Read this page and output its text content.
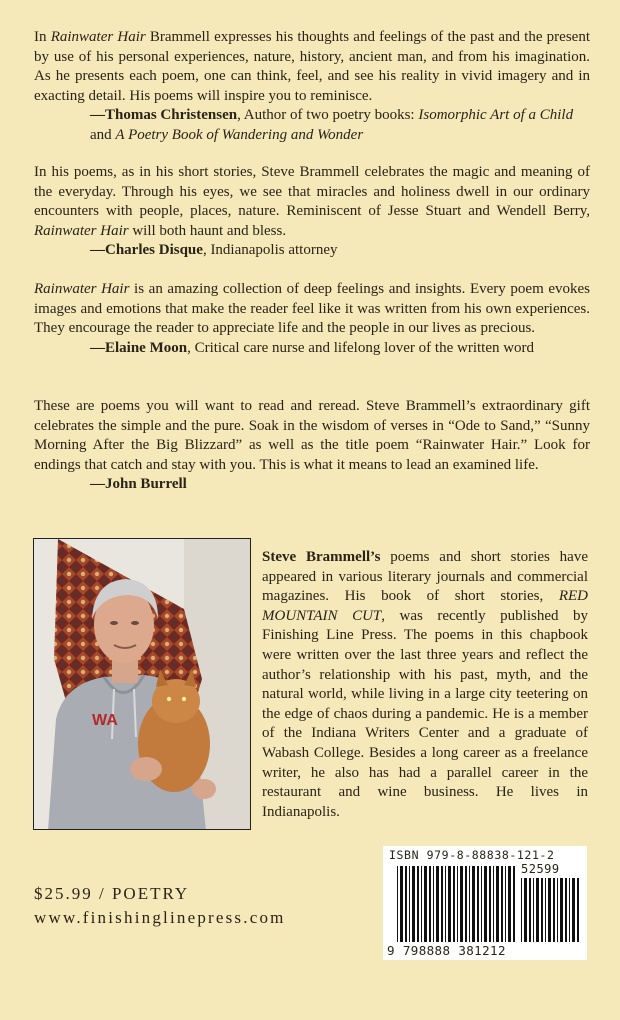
In Rainwater Hair Brammell expresses his thoughts and feelings of the past and the present by use of his personal experiences, nature, history, ancient man, and from his imagination. As he presents each poem, one can think, feel, and see his reality in vivid imagery and in exacting detail. His poems will inspire you to reminisce.

—Thomas Christensen, Author of two poetry books: Isomorphic Art of a Child and A Poetry Book of Wandering and Wonder

In his poems, as in his short stories, Steve Brammell celebrates the magic and meaning of the everyday. Through his eyes, we see that miracles and holiness dwell in our ordinary encounters with people, places, nature. Reminiscent of Jesse Stuart and Wendell Berry, Rainwater Hair will both haunt and bless.

—Charles Disque, Indianapolis attorney

Rainwater Hair is an amazing collection of deep feelings and insights. Every poem evokes images and emotions that make the reader feel like it was written from his own experiences. They encourage the reader to appreciate life and the people in our lives as precious.

—Elaine Moon, Critical care nurse and lifelong lover of the written word

These are poems you will want to read and reread. Steve Brammell’s extraordinary gift celebrates the simple and the pure. Soak in the wisdom of verses in “Ode to Sand,” “Sunny Morning After the Big Blizzard” as well as the title poem “Rainwater Hair.” Look for endings that catch and stay with you. This is what it means to lead an examined life.

—John Burrell

WA
Steve Brammell’s poems and short stories have appeared in various literary journals and commercial magazines. His book of short stories, RED MOUNTAIN CUT, was recently published by Finishing Line Press. The poems in this chapbook were written over the last three years and reflect the author’s relationship with his past, myth, and the natural world, while living in a large city teetering on the edge of chaos during a pandemic. He is a member of the Indiana Writers Center and a graduate of Wabash College. Besides a long career as a freelance writer, he also has had a parallel career in the restaurant and wine business. He lives in Indianapolis.
$25.99 / POETRY
www.finishinglinepress.com
ISBN 979-8-88838-121-2
52599
9 798888 381212
